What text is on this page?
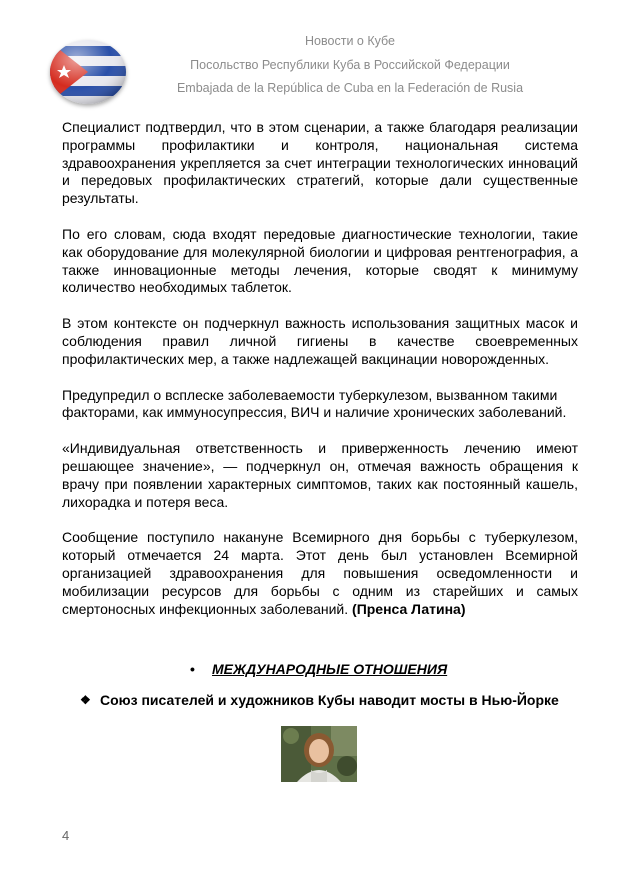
Новости о Кубе
Посольство Республики Куба в Российской Федерации
Embajada de la República de Cuba en la Federación de Rusia

Специалист подтвердил, что в этом сценарии, а также благодаря реализации программы профилактики и контроля, национальная система здравоохранения укрепляется за счет интеграции технологических инноваций и передовых профилактических стратегий, которые дали существенные результаты.

По его словам, сюда входят передовые диагностические технологии, такие как оборудование для молекулярной биологии и цифровая рентгенография, а также инновационные методы лечения, которые сводят к минимуму количество необходимых таблеток.

В этом контексте он подчеркнул важность использования защитных масок и соблюдения правил личной гигиены в качестве своевременных профилактических мер, а также надлежащей вакцинации новорожденных.

Предупредил о всплеске заболеваемости туберкулезом, вызванном такими факторами, как иммуносупрессия, ВИЧ и наличие хронических заболеваний.

«Индивидуальная ответственность и приверженность лечению имеют решающее значение», — подчеркнул он, отмечая важность обращения к врачу при появлении характерных симптомов, таких как постоянный кашель, лихорадка и потеря веса.

Сообщение поступило накануне Всемирного дня борьбы с туберкулезом, который отмечается 24 марта. Этот день был установлен Всемирной организацией здравоохранения для повышения осведомленности и мобилизации ресурсов для борьбы с одним из старейших и самых смертоносных инфекционных заболеваний. (Пренса Латина)

• МЕЖДУНАРОДНЫЕ ОТНОШЕНИЯ
❖ Союз писателей и художников Кубы наводит мосты в Нью-Йорке
4
